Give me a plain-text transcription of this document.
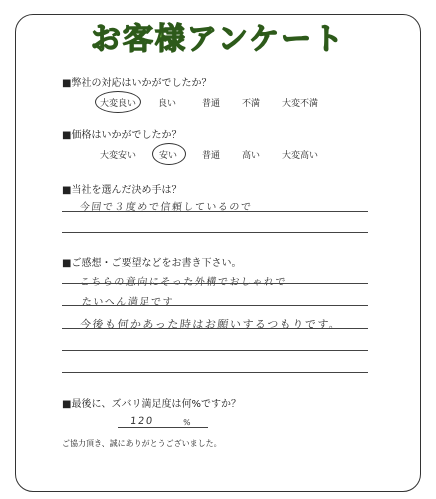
お客様アンケート
■弊社の対応はいかがでしたか？
大変良い 良い	普通 不満 大変不満
■価格はいかがでしたか？
大変安い	安い	普通 高い 大変高い
■当社を選んだ決め手は？
今回で３度めで信頼しているので
■ご感想・ご要望などをお書き下さい。
こちらの意向にそった外構でおしゃれで
たいへん満足です
今後も何かあった時はお願いするつもりです。
■最後に、ズバリ満足度は何%ですか？
120	%
ご協力頂き、誠にありがとうございました。
